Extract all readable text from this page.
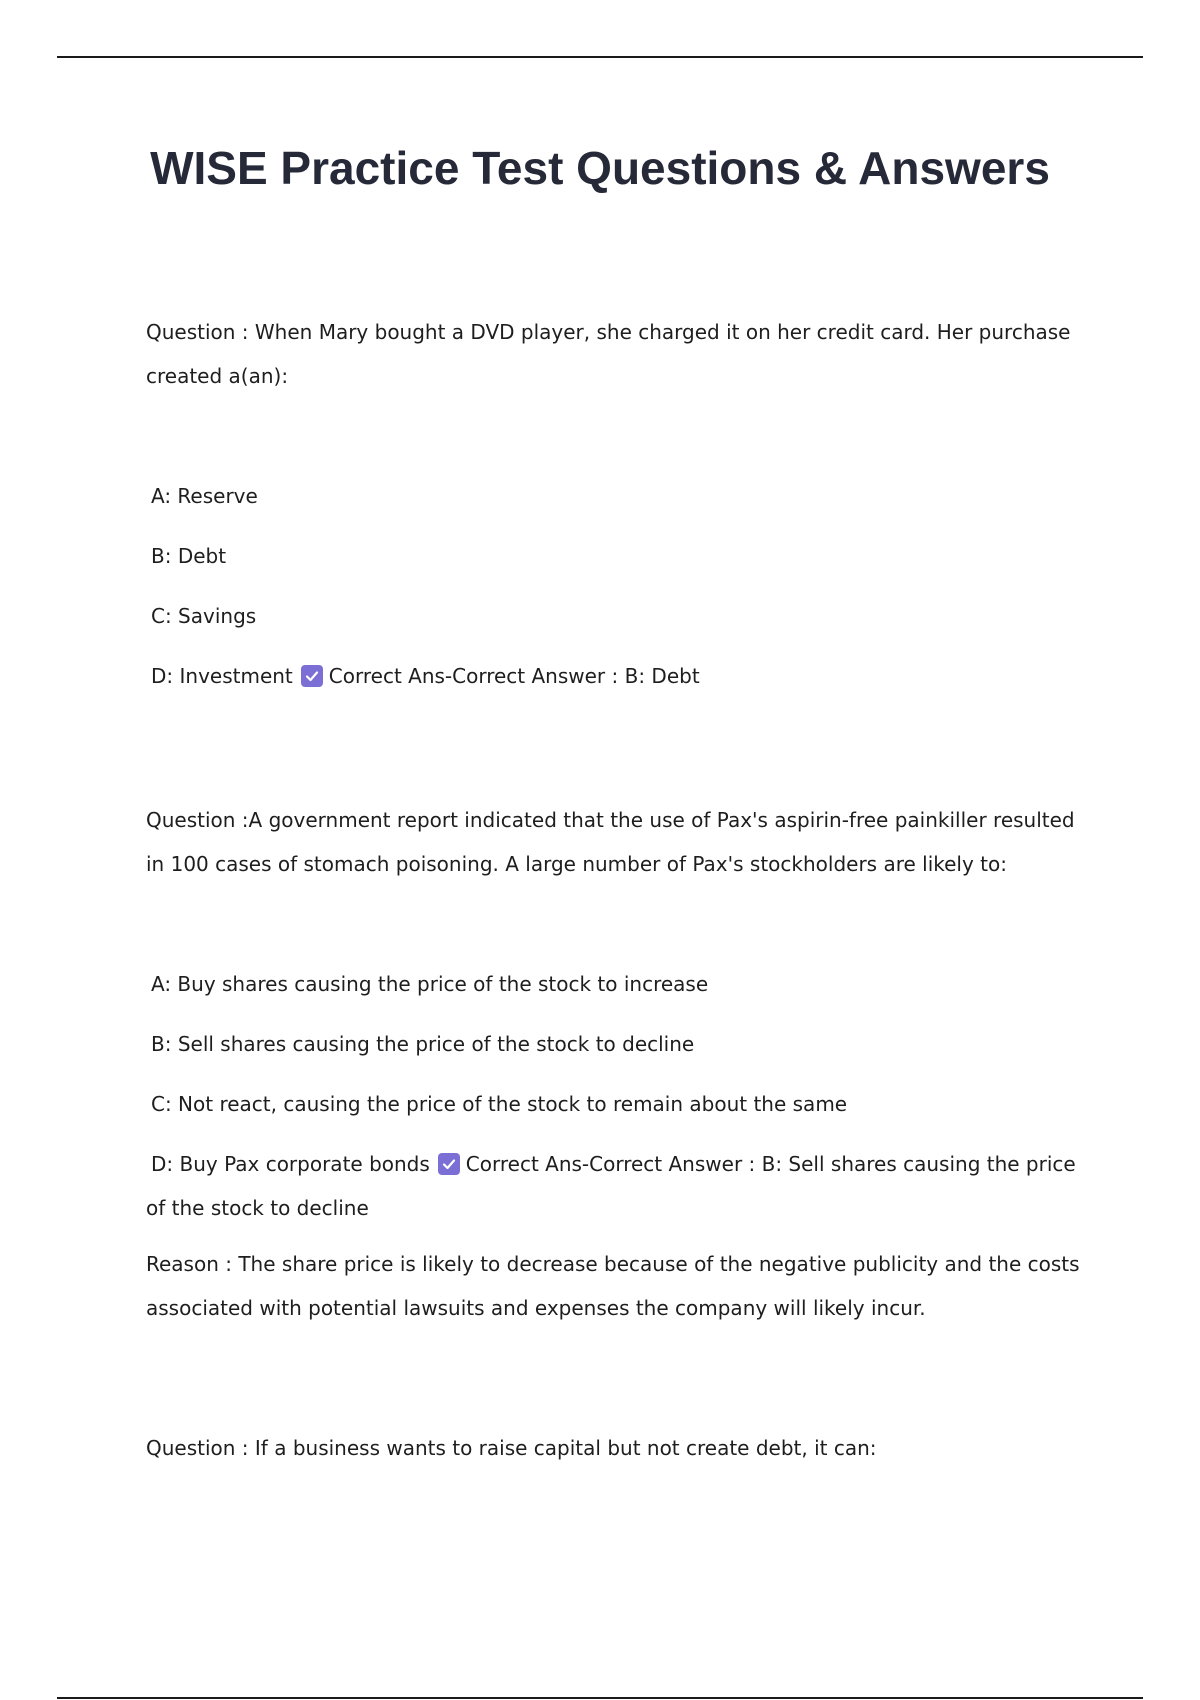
WISE Practice Test Questions & Answers

Question : When Mary bought a DVD player, she charged it on her credit card. Her purchase created a(an):

A: Reserve

B: Debt

C: Savings

D: Investment Correct Ans-Correct Answer : B: Debt

Question :A government report indicated that the use of Pax's aspirin-free painkiller resulted in 100 cases of stomach poisoning. A large number of Pax's stockholders are likely to:

A: Buy shares causing the price of the stock to increase

B: Sell shares causing the price of the stock to decline

C: Not react, causing the price of the stock to remain about the same

D: Buy Pax corporate bonds Correct Ans-Correct Answer : B: Sell shares causing the price of the stock to decline

Reason : The share price is likely to decrease because of the negative publicity and the costs associated with potential lawsuits and expenses the company will likely incur.

Question : If a business wants to raise capital but not create debt, it can:
